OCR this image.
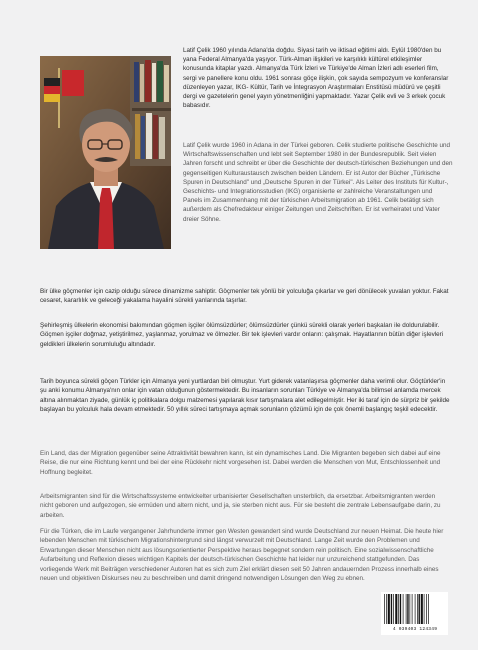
Latif Çelik 1960 yılında Adana'da doğdu. Siyasi tarih ve iktisad eğitimi aldı. Eylül 1980'den bu yana Federal Almanya'da yaşıyor. Türk-Alman ilişkileri ve karşılıklı kültürel etkileşimler konusunda kitaplar yazdı. Almanya'da Türk İzleri ve Türkiye'de Alman İzleri adlı eserleri film, sergi ve panellere konu oldu. 1961 sonrası göçe ilişkin, çok sayıda sempozyum ve konferanslar düzenleyen yazar, IKG- Kültür, Tarih ve İntegrasyon Araştırmaları Enstitüsü müdürü ve çeşitli dergi ve gazetelerin genel yayın yönetmenliğini yapmaktadır. Yazar Çelik evli ve 3 erkek çocuk babasıdır.

Latif Çelik wurde 1960 in Adana in der Türkei geboren. Celik studierte politische Geschichte und Wirtschaftswissenschaften und lebt seit September 1980 in der Bundesrepublik. Seit vielen Jahren forscht und schreibt er über die Geschichte der deutsch-türkischen Beziehungen und den gegenseitigen Kulturaustausch zwischen beiden Ländern. Er ist Autor der Bücher „Türkische Spuren in Deutschland" und „Deutsche Spuren in der Türkei". Als Leiter des Instituts für Kultur-, Geschichts- und Integrationsstudien (IKG) organisierte er zahlreiche Veranstaltungen und Panels im Zusammenhang mit der türkischen Arbeitsmigration ab 1961. Celik betätigt sich außerdem als Chefredakteur einiger Zeitungen und Zeitschriften. Er ist verheiratet und Vater dreier Söhne.

Bir ülke göçmenler için cazip olduğu sürece dinamizme sahiptir. Göçmenler tek yönlü bir yolculuğa çıkarlar ve geri dönülecek yuvaları yoktur. Fakat cesaret, kararlılık ve geleceği yakalama hayalini sürekli yanlarında taşırlar.

Şehirleşmiş ülkelerin ekonomisi bakımından göçmen işçiler ölümsüzdürler; ölümsüzdürler çünkü sürekli olarak yerleri başkaları ile doldurulabilir. Göçmen işçiler doğmaz, yetiştirilmez, yaşlanmaz, yorulmaz ve ölmezler. Bir tek işlevleri vardır onların: çalışmak. Hayatlarının bütün diğer işlevleri geldikleri ülkelerin sorumluluğu altındadır.

Tarih boyunca sürekli göçen Türkler için Almanya yeni yurtlardan biri olmuştur. Yurt giderek vatanlaşırsa göçmenler daha verimli olur. Göçtürkler'in şu anki konumu Almanya'nın onlar için vatan olduğunun göstermektedir. Bu insanların sorunları Türkiye ve Almanya'da bilimsel anlamda mercek altına alınmaktan ziyade, günlük iç politikalara dolgu malzemesi yapılarak kısır tartışmalara alet edilegelmiştir. Her iki taraf için de sürpriz bir şekilde başlayan bu yolculuk hala devam etmektedir. 50 yıllık süreci tartışmaya açmak sorunların çözümü için de çok önemli başlangıç teşkil edecektir.

Ein Land, das der Migration gegenüber seine Attraktivität bewahren kann, ist ein dynamisches Land. Die Migranten begeben sich dabei auf eine Reise, die nur eine Richtung kennt und bei der eine Rückkehr nicht vorgesehen ist. Dabei werden die Menschen von Mut, Entschlossenheit und Hoffnung begleitet.

Arbeitsmigranten sind für die Wirtschaftssysteme entwickelter urbanisierter Gesellschaften unsterblich, da ersetzbar. Arbeitsmigranten werden nicht geboren und aufgezogen, sie ermüden und altern nicht, und ja, sie sterben nicht aus. Für sie besteht die zentrale Lebensaufgabe darin, zu arbeiten.

Für die Türken, die im Laufe vergangener Jahrhunderte immer gen Westen gewandert sind wurde Deutschland zur neuen Heimat. Die heute hier lebenden Menschen mit türkischem Migrationshintergrund sind längst verwurzelt mit Deutschland. Lange Zeit wurde den Problemen und Erwartungen dieser Menschen nicht aus lösungsorientierter Perspektive heraus begegnet sondern rein politisch. Eine sozialwissenschaftliche Aufarbeitung und Reflexion dieses wichtigen Kapitels der deutsch-türkischen Geschichte hat leider nur unzureichend stattgefunden. Das vorliegende Werk mit Beiträgen verschiedener Autoren hat es sich zum Ziel erklärt diesen seit 50 Jahren andauernden Prozess innerhalb eines neuen und objektiven Diskurses neu zu beschreiben und damit dringend notwendigen Lösungen den Weg zu ebnen.

4 039403 124349
